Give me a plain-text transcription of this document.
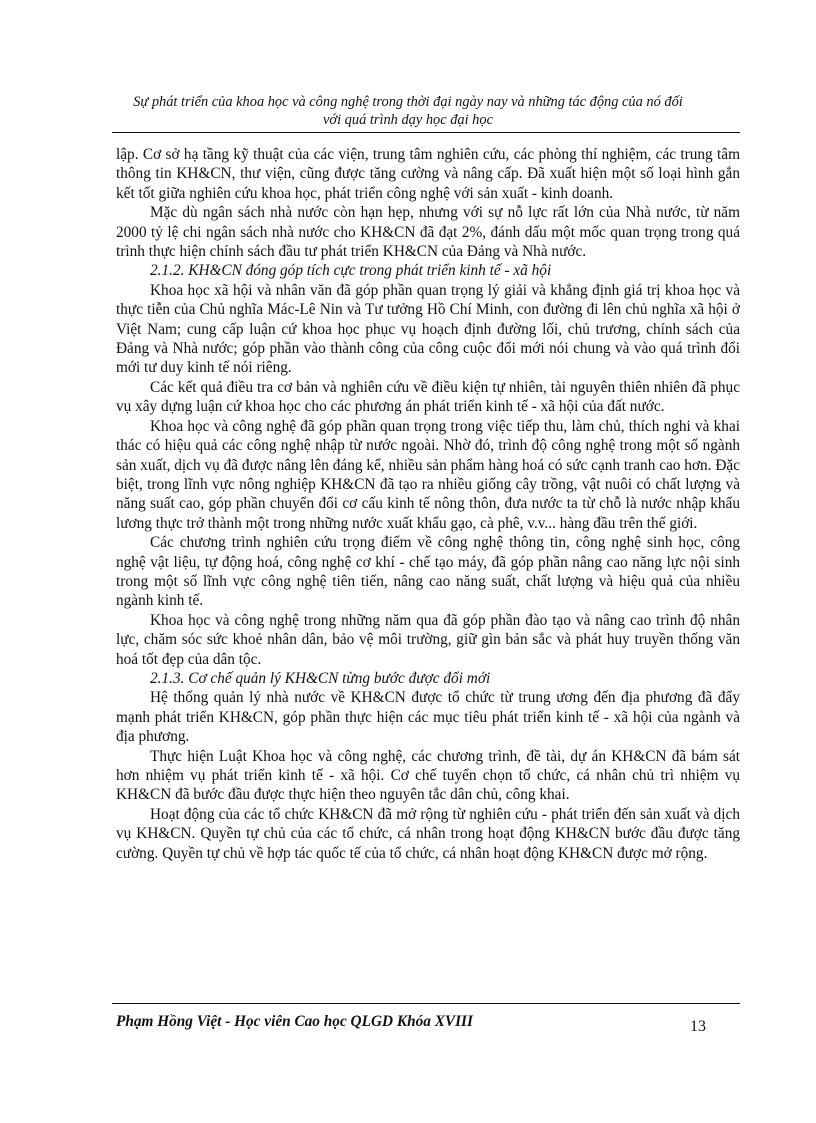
Sự phát triển của khoa học và công nghệ trong thời đại ngày nay và những tác động của nó đối
với quá trình dạy học đại học

lập. Cơ sở hạ tầng kỹ thuật của các viện, trung tâm nghiên cứu, các phòng thí nghiệm, các trung tâm thông tin KH&CN, thư viện, cũng được tăng cường và nâng cấp. Đã xuất hiện một số loại hình gắn kết tốt giữa nghiên cứu khoa học, phát triển công nghệ với sản xuất - kinh doanh.

Mặc dù ngân sách nhà nước còn hạn hẹp, nhưng với sự nỗ lực rất lớn của Nhà nước, từ năm 2000 tỷ lệ chi ngân sách nhà nước cho KH&CN đã đạt 2%, đánh dấu một mốc quan trọng trong quá trình thực hiện chính sách đầu tư phát triển KH&CN của Đảng và Nhà nước.

2.1.2. KH&CN đóng góp tích cực trong phát triển kinh tế - xã hội

Khoa học xã hội và nhân văn đã góp phần quan trọng lý giải và khẳng định giá trị khoa học và thực tiễn của Chủ nghĩa Mác-Lê Nin và Tư tưởng Hồ Chí Minh, con đường đi lên chủ nghĩa xã hội ở Việt Nam; cung cấp luận cứ khoa học phục vụ hoạch định đường lối, chủ trương, chính sách của Đảng và Nhà nước; góp phần vào thành công của công cuộc đổi mới nói chung và vào quá trình đổi mới tư duy kinh tế nói riêng.

Các kết quả điều tra cơ bản và nghiên cứu về điều kiện tự nhiên, tài nguyên thiên nhiên đã phục vụ xây dựng luận cứ khoa học cho các phương án phát triển kinh tế - xã hội của đất nước.

Khoa học và công nghệ đã góp phần quan trọng trong việc tiếp thu, làm chủ, thích nghi và khai thác có hiệu quả các công nghệ nhập từ nước ngoài. Nhờ đó, trình độ công nghệ trong một số ngành sản xuất, dịch vụ đã được nâng lên đáng kể, nhiều sản phẩm hàng hoá có sức cạnh tranh cao hơn. Đặc biệt, trong lĩnh vực nông nghiệp KH&CN đã tạo ra nhiều giống cây trồng, vật nuôi có chất lượng và năng suất cao, góp phần chuyển đổi cơ cấu kinh tế nông thôn, đưa nước ta từ chỗ là nước nhập khẩu lương thực trở thành một trong những nước xuất khẩu gạo, cà phê, v.v... hàng đầu trên thế giới.

Các chương trình nghiên cứu trọng điểm về công nghệ thông tin, công nghệ sinh học, công nghệ vật liệu, tự động hoá, công nghệ cơ khí - chế tạo máy, đã góp phần nâng cao năng lực nội sinh trong một số lĩnh vực công nghệ tiên tiến, nâng cao năng suất, chất lượng và hiệu quả của nhiều ngành kinh tế.

Khoa học và công nghệ trong những năm qua đã góp phần đào tạo và nâng cao trình độ nhân lực, chăm sóc sức khoẻ nhân dân, bảo vệ môi trường, giữ gìn bản sắc và phát huy truyền thống văn hoá tốt đẹp của dân tộc.

2.1.3. Cơ chế quản lý KH&CN từng bước được đổi mới

Hệ thống quản lý nhà nước về KH&CN được tổ chức từ trung ương đến địa phương đã đẩy mạnh phát triển KH&CN, góp phần thực hiện các mục tiêu phát triển kinh tế - xã hội của ngành và địa phương.

Thực hiện Luật Khoa học và công nghệ, các chương trình, đề tài, dự án KH&CN đã bám sát hơn nhiệm vụ phát triển kinh tế - xã hội. Cơ chế tuyển chọn tổ chức, cá nhân chủ trì nhiệm vụ KH&CN đã bước đầu được thực hiện theo nguyên tắc dân chủ, công khai.

Hoạt động của các tổ chức KH&CN đã mở rộng từ nghiên cứu - phát triển đến sản xuất và dịch vụ KH&CN. Quyền tự chủ của các tổ chức, cá nhân trong hoạt động KH&CN bước đầu được tăng cường. Quyền tự chủ về hợp tác quốc tế của tổ chức, cá nhân hoạt động KH&CN được mở rộng.

Phạm Hồng Việt - Học viên Cao học QLGD Khóa XVIII	13
